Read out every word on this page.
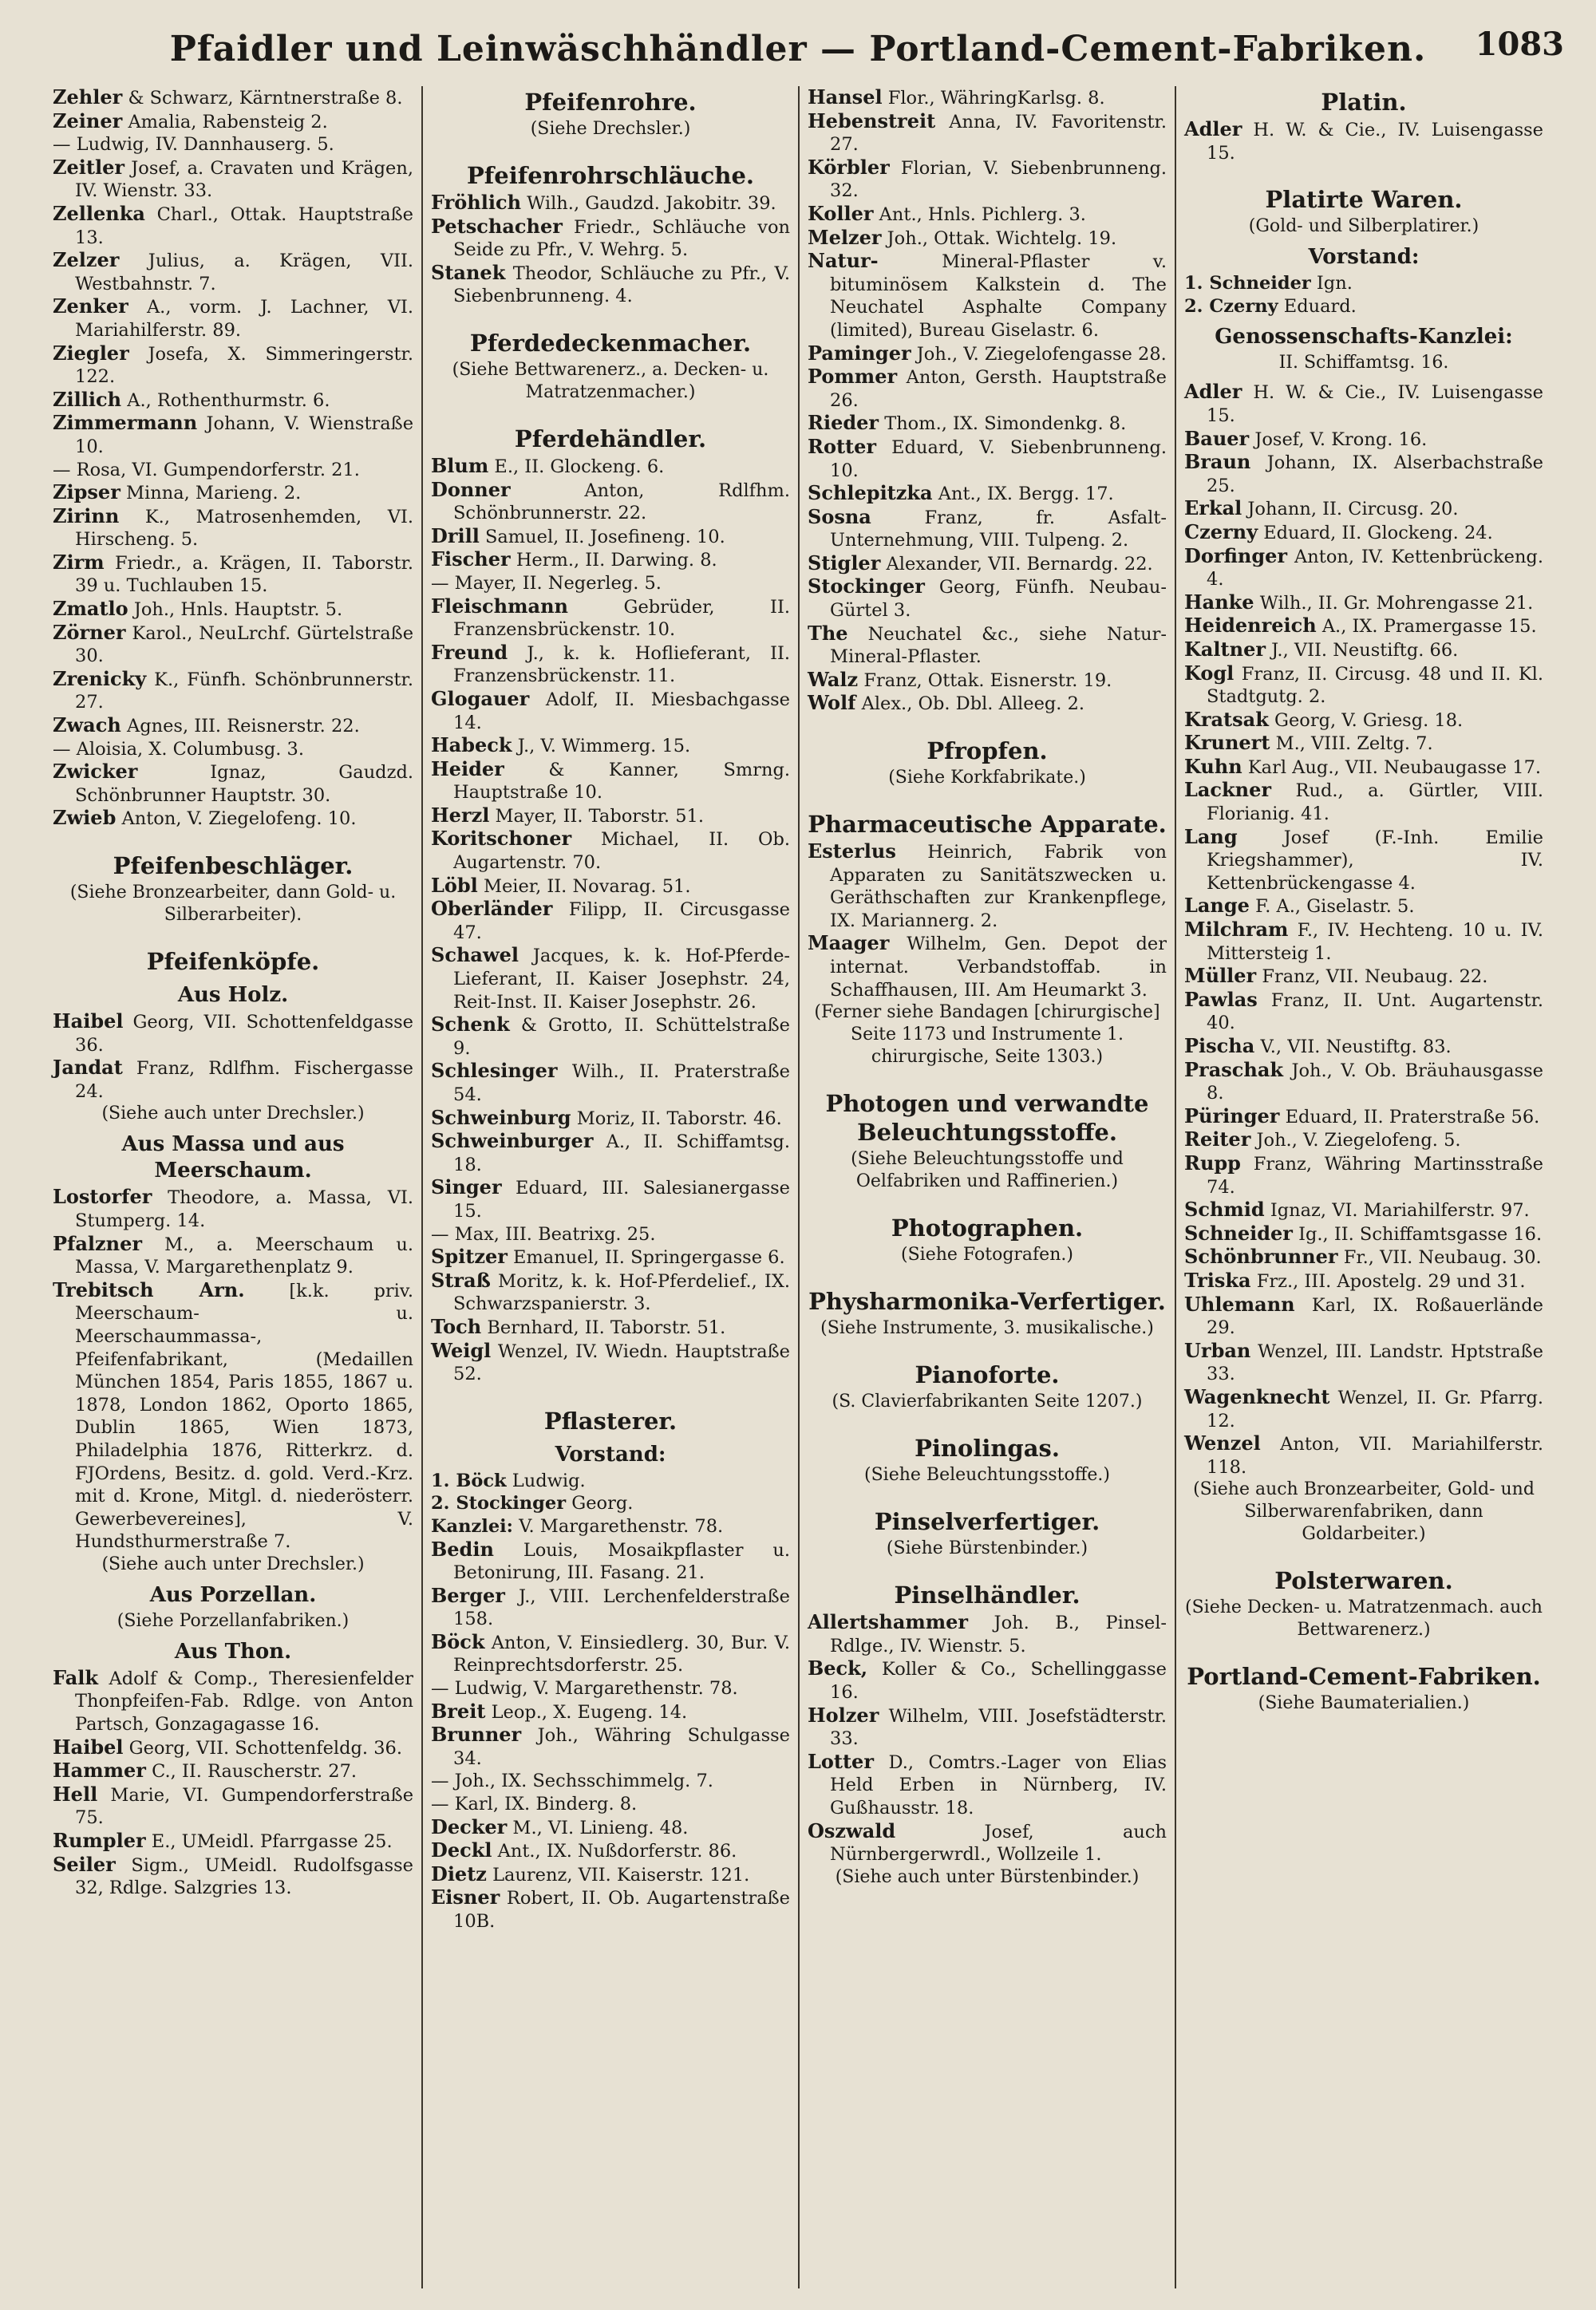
Pfaidler und Leinwäschhändler — Portland-Cement-Fabriken.	1083
Zehler & Schwarz, Kärntnerstraße 8.
Zeiner Amalia, Rabensteig 2.
— Ludwig, IV. Dannhauserg. 5.
Zeitler Josef, a. Cravaten und Krägen, IV. Wienstr. 33.
Zellenka Charl., Ottak. Hauptstraße 13.
Zelzer Julius, a. Krägen, VII. Westbahnstr. 7.
Zenker A., vorm. J. Lachner, VI. Mariahilferstr. 89.
Ziegler Josefa, X. Simmeringerstr. 122.
Zillich A., Rothenthurmstr. 6.
Zimmermann Johann, V. Wienstraße 10.
— Rosa, VI. Gumpendorferstr. 21.
Zipser Minna, Marieng. 2.
Zirinn K., Matrosenhemden, VI. Hirscheng. 5.
Zirm Friedr., a. Krägen, II. Taborstr. 39 u. Tuchlauben 15.
Zmatlo Joh., Hnls. Hauptstr. 5.
Zörner Karol., NeuLrchf. Gürtelstraße 30.
Zrenicky K., Fünfh. Schönbrunnerstr. 27.
Zwach Agnes, III. Reisnerstr. 22.
— Aloisia, X. Columbusg. 3.
Zwicker	Ignaz, Gaudzd. Schönbrunner Hauptstr. 30.
Zwieb Anton, V. Ziegelofeng. 10.
Pfeifenbeschläger.
(Siehe Bronzearbeiter, dann Gold- u. Silberarbeiter).
Pfeifenköpfe.
Aus Holz.
Haibel Georg, VII. Schottenfeldgasse 36.
Jandat Franz, Rdlfhm. Fischergasse 24.
(Siehe auch unter Drechsler.)
Aus Massa und aus Meerschaum.
Lostorfer Theodore, a. Massa, VI. Stumperg. 14.
Pfalzner M., a. Meerschaum u. Massa, V. Margarethenplatz 9.
Trebitsch Arn. [k.k. priv. Meerschaum- u. Meerschaummassa-, Pfeifenfabrikant, (Medaillen München 1854, Paris 1855, 1867 u. 1878, London 1862, Oporto 1865, Dublin 1865, Wien 1873, Philadelphia 1876, Ritterkrz. d. FJOrdens, Besitz. d. gold. Verd.-Krz. mit d. Krone, Mitgl. d. niederösterr. Gewerbevereines], V. Hundsthurmerstraße 7.
(Siehe auch unter Drechsler.)
Aus Porzellan.
(Siehe Porzellanfabriken.)
Aus Thon.
Falk Adolf & Comp., Theresienfelder Thonpfeifen-Fab. Rdlge. von Anton Partsch, Gonzagagasse 16.
Haibel Georg, VII. Schottenfeldg. 36.
Hammer C., II. Rauscherstr. 27.
Hell Marie, VI. Gumpendorferstraße 75.
Rumpler E., UMeidl. Pfarrgasse 25.
Seiler Sigm., UMeidl. Rudolfsgasse 32, Rdlge. Salzgries 13.
Pfeifenrohre.
(Siehe Drechsler.)
Pfeifenrohrschläuche.
Fröhlich Wilh., Gaudzd. Jakobitr. 39.
Petschacher Friedr., Schläuche von Seide zu Pfr., V. Wehrg. 5.
Stanek Theodor, Schläuche zu Pfr., V. Siebenbrunneng. 4.
Pferdedeckenmacher.
(Siehe Bettwarenerz., a. Decken- u. Matratzenmacher.)
Pferdehändler.
Blum E., II. Glockeng. 6.
Donner	Anton, Rdlfhm. Schönbrunnerstr. 22.
Drill Samuel, II. Josefineng. 10.
Fischer Herm., II. Darwing. 8.
— Mayer, II. Negerleg. 5.
Fleischmann	Gebrüder, II. Franzensbrückenstr. 10.
Freund J., k. k. Hoflieferant, II. Franzensbrückenstr. 11.
Glogauer Adolf, II. Miesbachgasse 14.
Habeck J., V. Wimmerg. 15.
Heider & Kanner, Smrng. Hauptstraße 10.
Herzl Mayer, II. Taborstr. 51.
Koritschoner Michael, II. Ob. Augartenstr. 70.
Löbl Meier, II. Novarag. 51.
Oberländer Filipp, II. Circusgasse 47.
Schawel Jacques, k. k. Hof-Pferde-Lieferant, II. Kaiser Josephstr. 24, Reit-Inst. II. Kaiser Josephstr. 26.
Schenk & Grotto, II. Schüttelstraße 9.
Schlesinger Wilh., II. Praterstraße 54.
Schweinburg Moriz, II. Taborstr. 46.
Schweinburger A., II. Schiffamtsg. 18.
Singer Eduard, III. Salesianergasse 15.
— Max, III. Beatrixg. 25.
Spitzer Emanuel, II. Springergasse 6.
Straß Moritz, k. k. Hof-Pferdelief., IX. Schwarzspanierstr. 3.
Toch Bernhard, II. Taborstr. 51.
Weigl Wenzel, IV. Wiedn. Hauptstraße 52.
Pflasterer.
Vorstand:
1. Böck Ludwig.
2. Stockinger Georg.
Kanzlei: V. Margarethenstr. 78.
Bedin Louis, Mosaikpflaster u. Betonirung, III. Fasang. 21.
Berger J., VIII. Lerchenfelderstraße 158.
Böck Anton, V. Einsiedlerg. 30, Bur. V. Reinprechtsdorferstr. 25.
— Ludwig, V. Margarethenstr. 78.
Breit Leop., X. Eugeng. 14.
Brunner Joh., Währing Schulgasse 34.
— Joh., IX. Sechsschimmelg. 7.
— Karl, IX. Binderg. 8.
Decker M., VI. Linieng. 48.
Deckl Ant., IX. Nußdorferstr. 86.
Dietz Laurenz, VII. Kaiserstr. 121.
Eisner Robert, II. Ob. Augartenstraße 10B.
Hansel Flor., WähringKarlsg. 8.
Hebenstreit Anna, IV. Favoritenstr. 27.
Körbler Florian, V. Siebenbrunneng. 32.
Koller Ant., Hnls. Pichlerg. 3.
Melzer Joh., Ottak. Wichtelg. 19.
Natur-	Mineral-Pflaster v. bituminösem Kalkstein d. The Neuchatel Asphalte Company (limited), Bureau Giselastr. 6.
Paminger Joh., V. Ziegelofengasse 28.
Pommer Anton, Gersth. Hauptstraße 26.
Rieder Thom., IX. Simondenkg. 8.
Rotter Eduard, V. Siebenbrunneng. 10.
Schlepitzka Ant., IX. Bergg. 17.
Sosna	Franz, fr. Asfalt-Unternehmung, VIII. Tulpeng. 2.
Stigler Alexander, VII. Bernardg. 22.
Stockinger Georg, Fünfh. Neubau-Gürtel 3.
The Neuchatel &c., siehe Natur-Mineral-Pflaster.
Walz Franz, Ottak. Eisnerstr. 19.
Wolf Alex., Ob. Dbl. Alleeg. 2.
Pfropfen.
(Siehe Korkfabrikate.)
Pharmaceutische Apparate.
Esterlus Heinrich, Fabrik von Apparaten zu Sanitätszwecken u. Geräthschaften zur Krankenpflege, IX. Mariannerg. 2.
Maager Wilhelm, Gen. Depot der internat. Verbandstoffab. in Schaffhausen, III. Am Heumarkt 3.
(Ferner siehe Bandagen [chirurgische] Seite 1173 und Instrumente 1. chirurgische, Seite 1303.)
Photogen und verwandte Beleuchtungsstoffe.
(Siehe Beleuchtungsstoffe und Oelfabriken und Raffinerien.)
Photographen.
(Siehe Fotografen.)
Physharmonika-Verfertiger.
(Siehe Instrumente, 3. musikalische.)
Pianoforte.
(S. Clavierfabrikanten Seite 1207.)
Pinolingas.
(Siehe Beleuchtungsstoffe.)
Pinselverfertiger.
(Siehe Bürstenbinder.)
Pinselhändler.
Allertshammer Joh. B., Pinsel-Rdlge., IV. Wienstr. 5.
Beck, Koller & Co., Schellinggasse 16.
Holzer Wilhelm, VIII. Josefstädterstr. 33.
Lotter D., Comtrs.-Lager von Elias Held Erben in Nürnberg, IV. Gußhausstr. 18.
Oszwald	Josef, auch Nürnbergerwrdl., Wollzeile 1.
(Siehe auch unter Bürstenbinder.)
Platin.
Adler H. W. & Cie., IV. Luisengasse 15.
Platirte Waren.
(Gold- und Silberplatirer.)
Vorstand:
1. Schneider Ign.
2. Czerny Eduard.
Genossenschafts-Kanzlei:
II. Schiffamtsg. 16.
Adler H. W. & Cie., IV. Luisengasse 15.
Bauer Josef, V. Krong. 16.
Braun Johann, IX. Alserbachstraße 25.
Erkal Johann, II. Circusg. 20.
Czerny Eduard, II. Glockeng. 24.
Dorfinger Anton, IV. Kettenbrückeng. 4.
Hanke Wilh., II. Gr. Mohrengasse 21.
Heidenreich A., IX. Pramergasse 15.
Kaltner J., VII. Neustiftg. 66.
Kogl Franz, II. Circusg. 48 und II. Kl. Stadtgutg. 2.
Kratsak Georg, V. Griesg. 18.
Krunert M., VIII. Zeltg. 7.
Kuhn Karl Aug., VII. Neubaugasse 17.
Lackner Rud., a. Gürtler, VIII. Florianig. 41.
Lang	Josef (F.-Inh. Emilie Kriegshammer), IV. Kettenbrückengasse 4.
Lange F. A., Giselastr. 5.
Milchram F., IV. Hechteng. 10 u. IV. Mittersteig 1.
Müller Franz, VII. Neubaug. 22.
Pawlas Franz, II. Unt. Augartenstr. 40.
Pischa V., VII. Neustiftg. 83.
Praschak Joh., V. Ob. Bräuhausgasse 8.
Püringer Eduard, II. Praterstraße 56.
Reiter Joh., V. Ziegelofeng. 5.
Rupp Franz, Währing Martinsstraße 74.
Schmid Ignaz, VI. Mariahilferstr. 97.
Schneider Ig., II. Schiffamtsgasse 16.
Schönbrunner Fr., VII. Neubaug. 30.
Triska Frz., III. Apostelg. 29 und 31.
Uhlemann Karl, IX. Roßauerlände 29.
Urban Wenzel, III. Landstr. Hptstraße 33.
Wagenknecht Wenzel, II. Gr. Pfarrg. 12.
Wenzel Anton, VII. Mariahilferstr. 118.
(Siehe auch Bronzearbeiter, Gold- und Silberwarenfabriken, dann Goldarbeiter.)
Polsterwaren.
(Siehe Decken- u. Matratzenmach. auch Bettwarenerz.)
Portland-Cement-Fabriken.
(Siehe Baumaterialien.)
